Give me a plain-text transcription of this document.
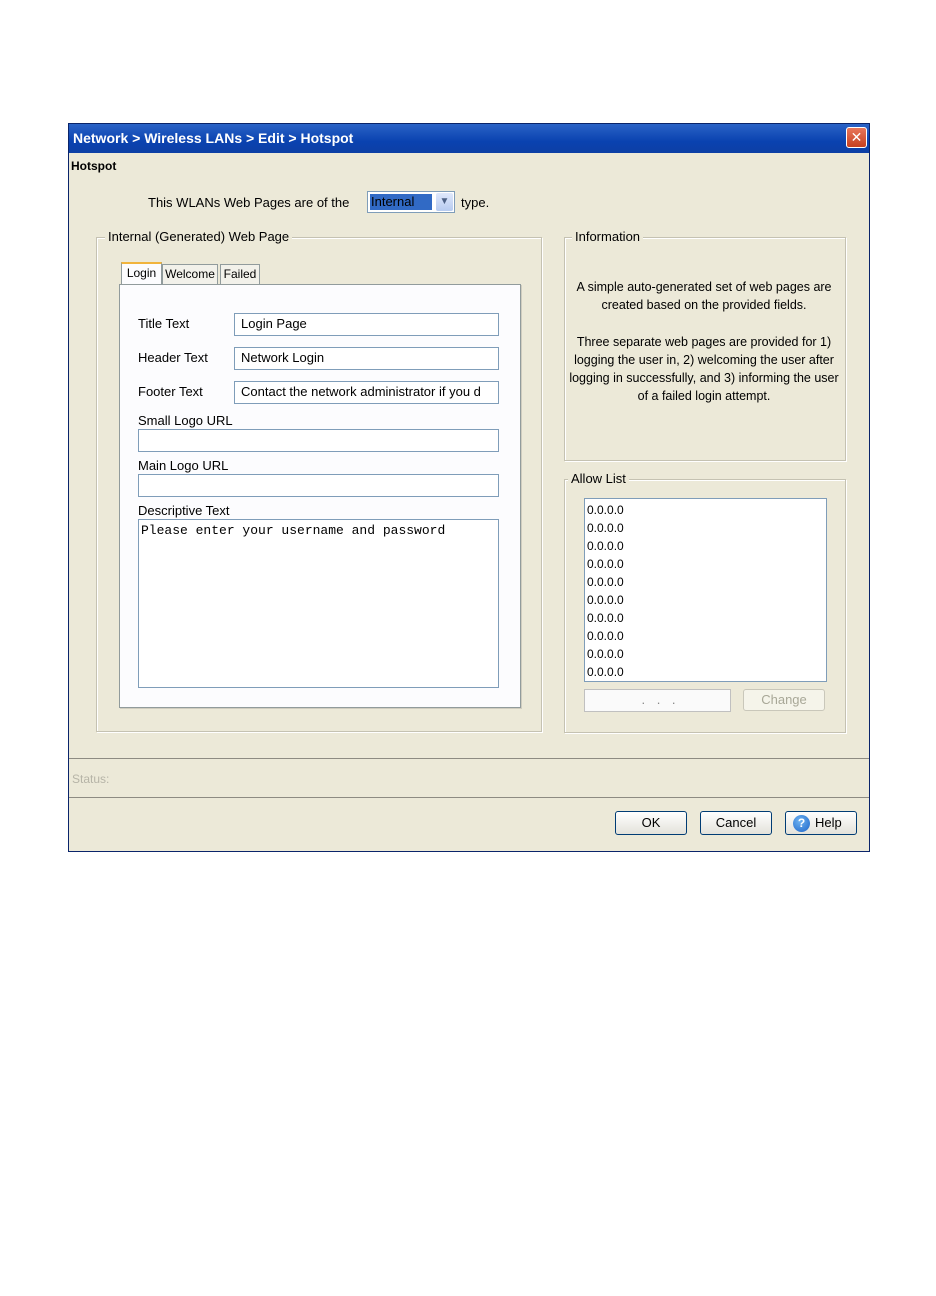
Network > Wireless LANs > Edit > Hotspot	✕
Hotspot
This WLANs Web Pages are of the Internal	▼ type.
Internal (Generated) Web Page
Login Welcome Failed
Title Text	Login Page
Header Text	Network Login
Footer Text	Contact the network administrator if you d
Small Logo URL
Main Logo URL
Descriptive Text
Please enter your username and password
Information
A simple auto-generated set of web pages are created based on the provided fields.
Three separate web pages are provided for 1) logging the user in, 2) welcoming the user after logging in successfully, and 3) informing the user of a failed login attempt.
Allow List
0.0.0.0
0.0.0.0
0.0.0.0
0.0.0.0
0.0.0.0
0.0.0.0
0.0.0.0
0.0.0.0
0.0.0.0
0.0.0.0
. . .	Change
Status:
OK	Cancel	? Help
